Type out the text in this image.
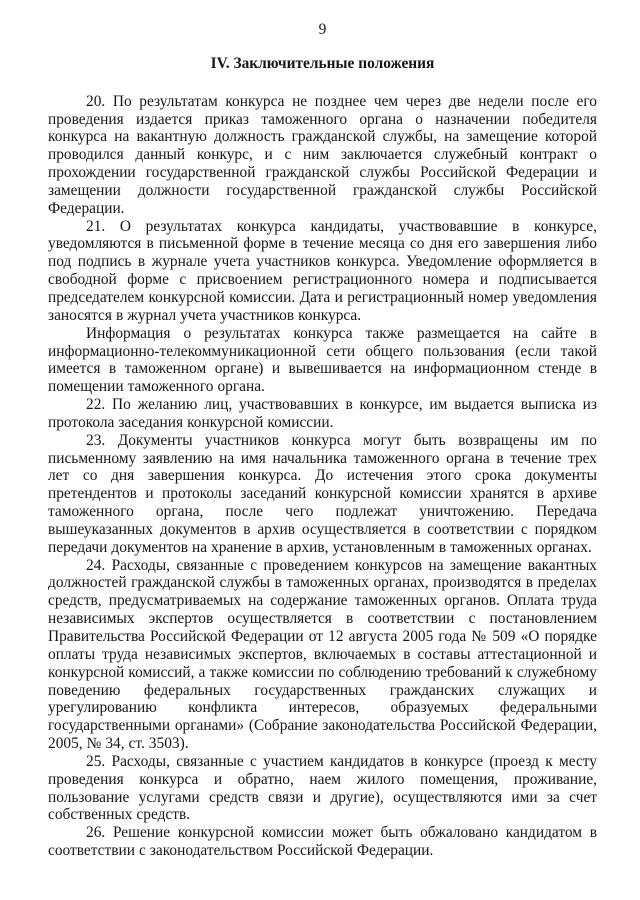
9
IV. Заключительные положения

20. По результатам конкурса не позднее чем через две недели после его проведения издается приказ таможенного органа о назначении победителя конкурса на вакантную должность гражданской службы, на замещение которой проводился данный конкурс, и с ним заключается служебный контракт о прохождении государственной гражданской службы Российской Федерации и замещении должности государственной гражданской службы Российской Федерации.

21. О результатах конкурса кандидаты, участвовавшие в конкурсе, уведомляются в письменной форме в течение месяца со дня его завершения либо под подпись в журнале учета участников конкурса. Уведомление оформляется в свободной форме с присвоением регистрационного номера и подписывается председателем конкурсной комиссии. Дата и регистрационный номер уведомления заносятся в журнал учета участников конкурса.

Информация о результатах конкурса также размещается на сайте в информационно-телекоммуникационной сети общего пользования (если такой имеется в таможенном органе) и вывешивается на информационном стенде в помещении таможенного органа.

22. По желанию лиц, участвовавших в конкурсе, им выдается выписка из протокола заседания конкурсной комиссии.

23. Документы участников конкурса могут быть возвращены им по письменному заявлению на имя начальника таможенного органа в течение трех лет со дня завершения конкурса. До истечения этого срока документы претендентов и протоколы заседаний конкурсной комиссии хранятся в архиве таможенного органа, после чего подлежат уничтожению. Передача вышеуказанных документов в архив осуществляется в соответствии с порядком передачи документов на хранение в архив, установленным в таможенных органах.

24. Расходы, связанные с проведением конкурсов на замещение вакантных должностей гражданской службы в таможенных органах, производятся в пределах средств, предусматриваемых на содержание таможенных органов. Оплата труда независимых экспертов осуществляется в соответствии с постановлением Правительства Российской Федерации от 12 августа 2005 года № 509 «О порядке оплаты труда независимых экспертов, включаемых в составы аттестационной и конкурсной комиссий, а также комиссии по соблюдению требований к служебному поведению федеральных государственных гражданских служащих и урегулированию конфликта интересов, образуемых федеральными государственными органами» (Собрание законодательства Российской Федерации, 2005, № 34, ст. 3503).

25. Расходы, связанные с участием кандидатов в конкурсе (проезд к месту проведения конкурса и обратно, наем жилого помещения, проживание, пользование услугами средств связи и другие), осуществляются ими за счет собственных средств.

26. Решение конкурсной комиссии может быть обжаловано кандидатом в соответствии с законодательством Российской Федерации.
